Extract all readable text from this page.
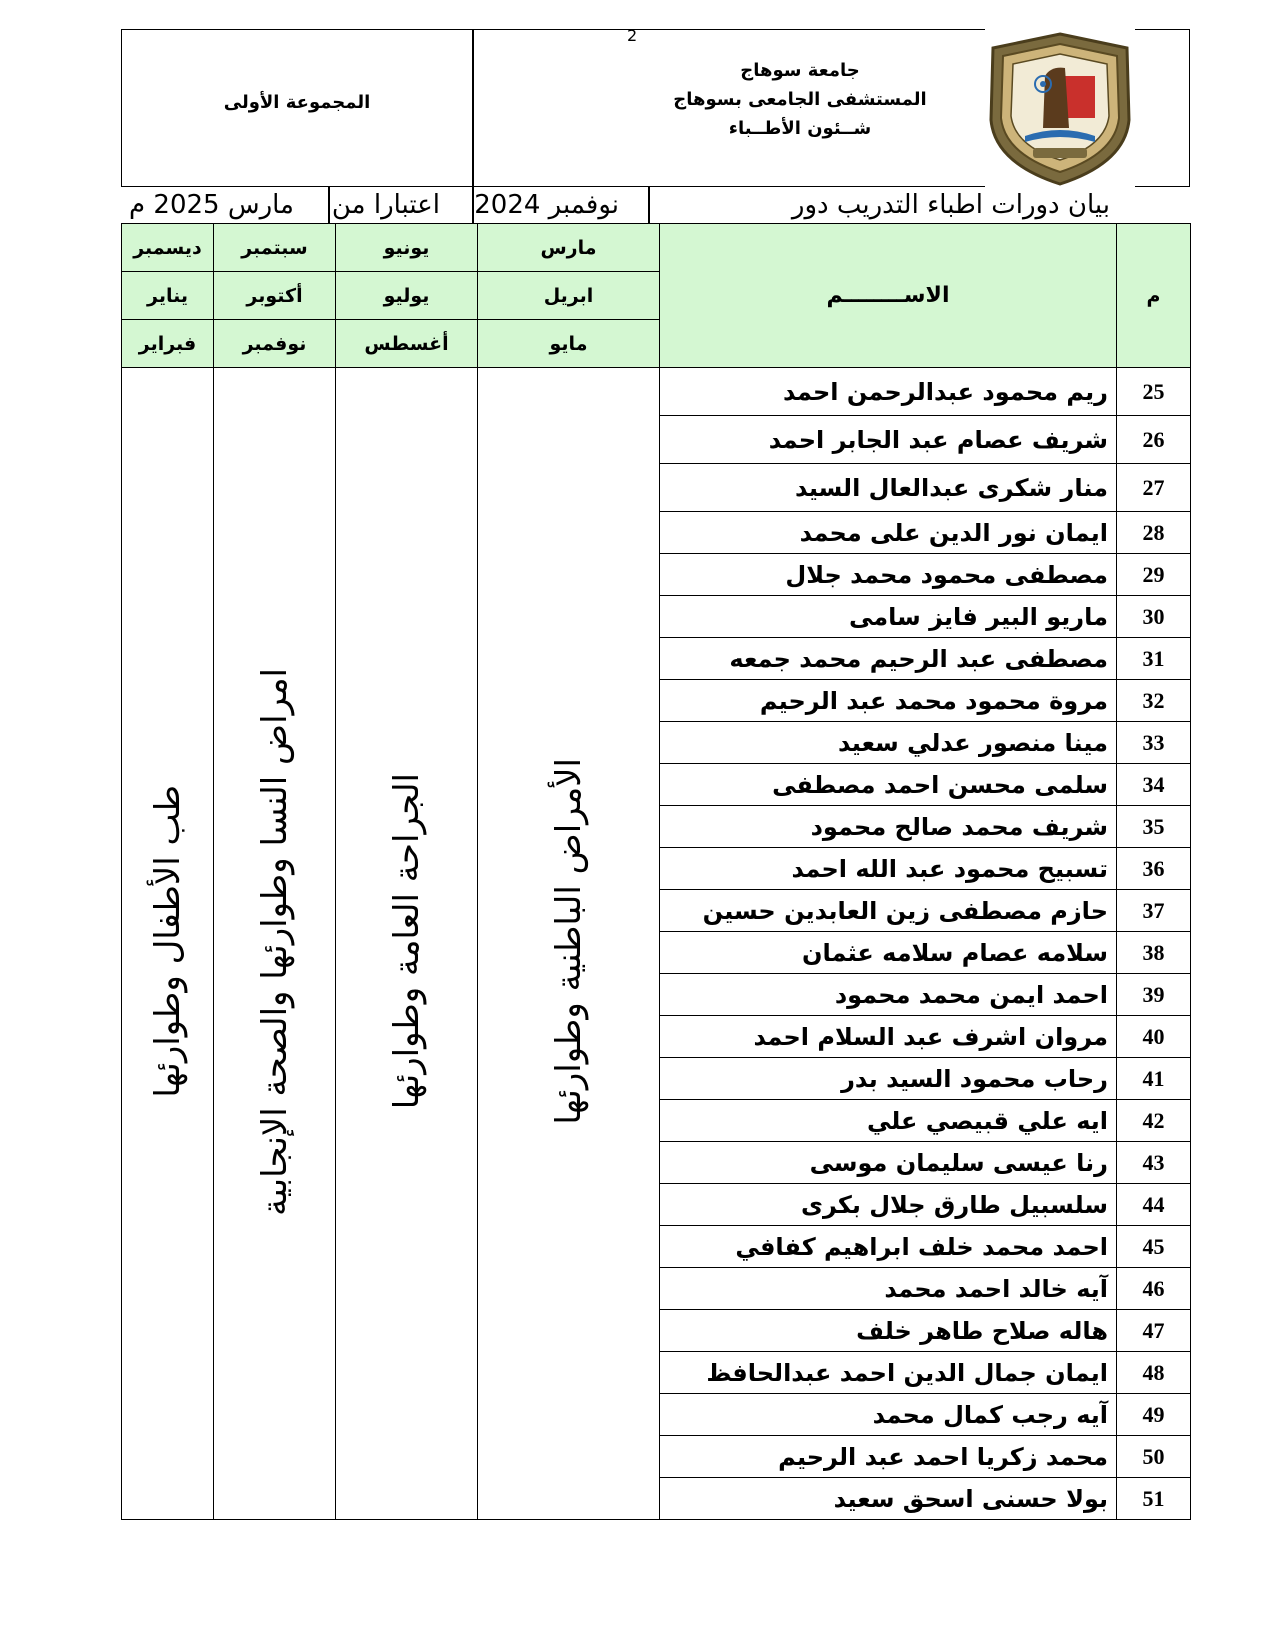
2
المجموعة الأولى
جامعة سوهاج
المستشفى الجامعى بسوهاج
شــئون الأطــباء
بيان دورات اطباء التدريب دور
نوفمبر 2024
اعتبارا من
مارس 2025 م
م	الاســــــــم	مارس	يونيو	سبتمبر	ديسمبر
		ابريل	يوليو	أكتوبر	يناير
		مايو	أغسطس	نوفمبر	فبراير
25	ريم محمود عبدالرحمن احمد	الأمراض الباطنية وطوارئها	الجراحة العامة وطوارئها	امراض النسا وطوارئها والصحة الإنجابية	طب الأطفال وطوارئها
26	شريف عصام عبد الجابر احمد				
27	منار شكرى عبدالعال السيد				
28	ايمان نور الدين على محمد				
29	مصطفى محمود محمد جلال				
30	ماريو البير فايز سامى				
31	مصطفى عبد الرحيم محمد جمعه				
32	مروة محمود محمد عبد الرحيم				
33	مينا منصور عدلي سعيد				
34	سلمى محسن احمد مصطفى				
35	شريف محمد صالح محمود				
36	تسبيح محمود عبد الله احمد				
37	حازم مصطفى زين العابدين حسين				
38	سلامه عصام سلامه عثمان				
39	احمد ايمن محمد محمود				
40	مروان اشرف عبد السلام احمد				
41	رحاب محمود السيد بدر				
42	ايه علي قبيصي علي				
43	رنا عيسى سليمان موسى				
44	سلسبيل طارق جلال بكرى				
45	احمد محمد خلف ابراهيم كفافي				
46	آيه خالد احمد محمد				
47	هاله صلاح طاهر خلف				
48	ايمان جمال الدين احمد عبدالحافظ				
49	آيه رجب كمال محمد				
50	محمد زكريا احمد عبد الرحيم				
51	بولا حسنى اسحق سعيد				
